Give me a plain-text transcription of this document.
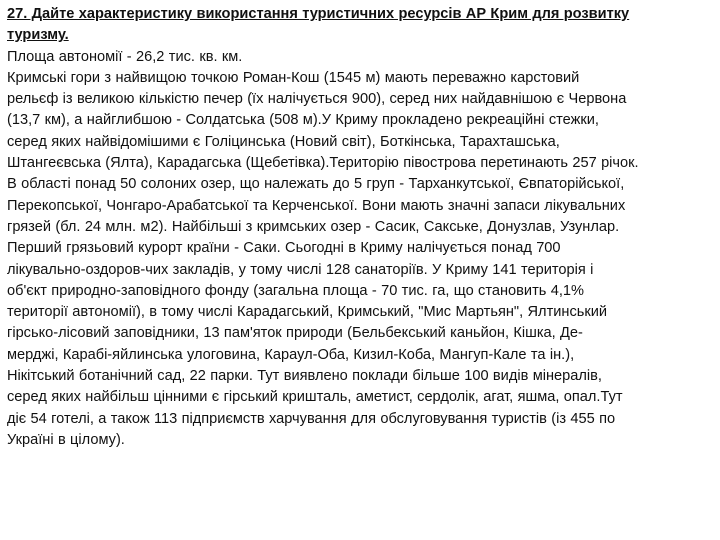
27. Дайте характеристику використання туристичних ресурсів АР Крим для розвитку
туризму.
Площа автономії - 26,2 тис. кв. км.
Кримські гори з найвищою точкою Роман-Кош (1545 м) мають переважно карстовий
рельєф із великою кількістю печер (їх налічується 900), серед них найдавнішою є Червона
(13,7 км), а найглибшою - Солдатська (508 м).У Криму прокладено рекреаційні стежки,
серед яких найвідомішими є Голіцинська (Новий світ), Боткінська, Тарахташська,
Штангеєвська (Ялта), Карадагська (Щебетівка).Територію півострова перетинають 257 річок.
В області понад 50 солоних озер, що належать до 5 груп - Тарханкутської, Євпаторійської,
Перекопської, Чонгаро-Арабатської та Керченської. Вони мають значні запаси лікувальних
грязей (бл. 24 млн. м2). Найбільші з кримських озер - Сасик, Сакське, Донузлав, Узунлар.
Перший грязьовий курорт країни - Саки. Сьогодні в Криму налічується понад 700
лікувально-оздоров-чих закладів, у тому числі 128 санаторіїв. У Криму 141 територія і
об'єкт природно-заповідного фонду (загальна площа - 70 тис. га, що становить 4,1%
території автономії), в тому числі Карадагський, Кримський, "Мис Мартьян", Ялтинський
гірсько-лісовий заповідники, 13 пам'яток природи (Бельбекський каньйон, Кішка, Де-
мерджі, Карабі-яйлинська улоговина, Караул-Оба, Кизил-Коба, Мангуп-Кале та ін.),
Нікітський ботанічний сад, 22 парки. Тут виявлено поклади більше 100 видів мінералів,
серед яких найбільш цінними є гірський кришталь, аметист, сердолік, агат, яшма, опал.Тут
діє 54 готелі, а також 113 підприємств харчування для обслуговування туристів (із 455 по
Україні в цілому).
